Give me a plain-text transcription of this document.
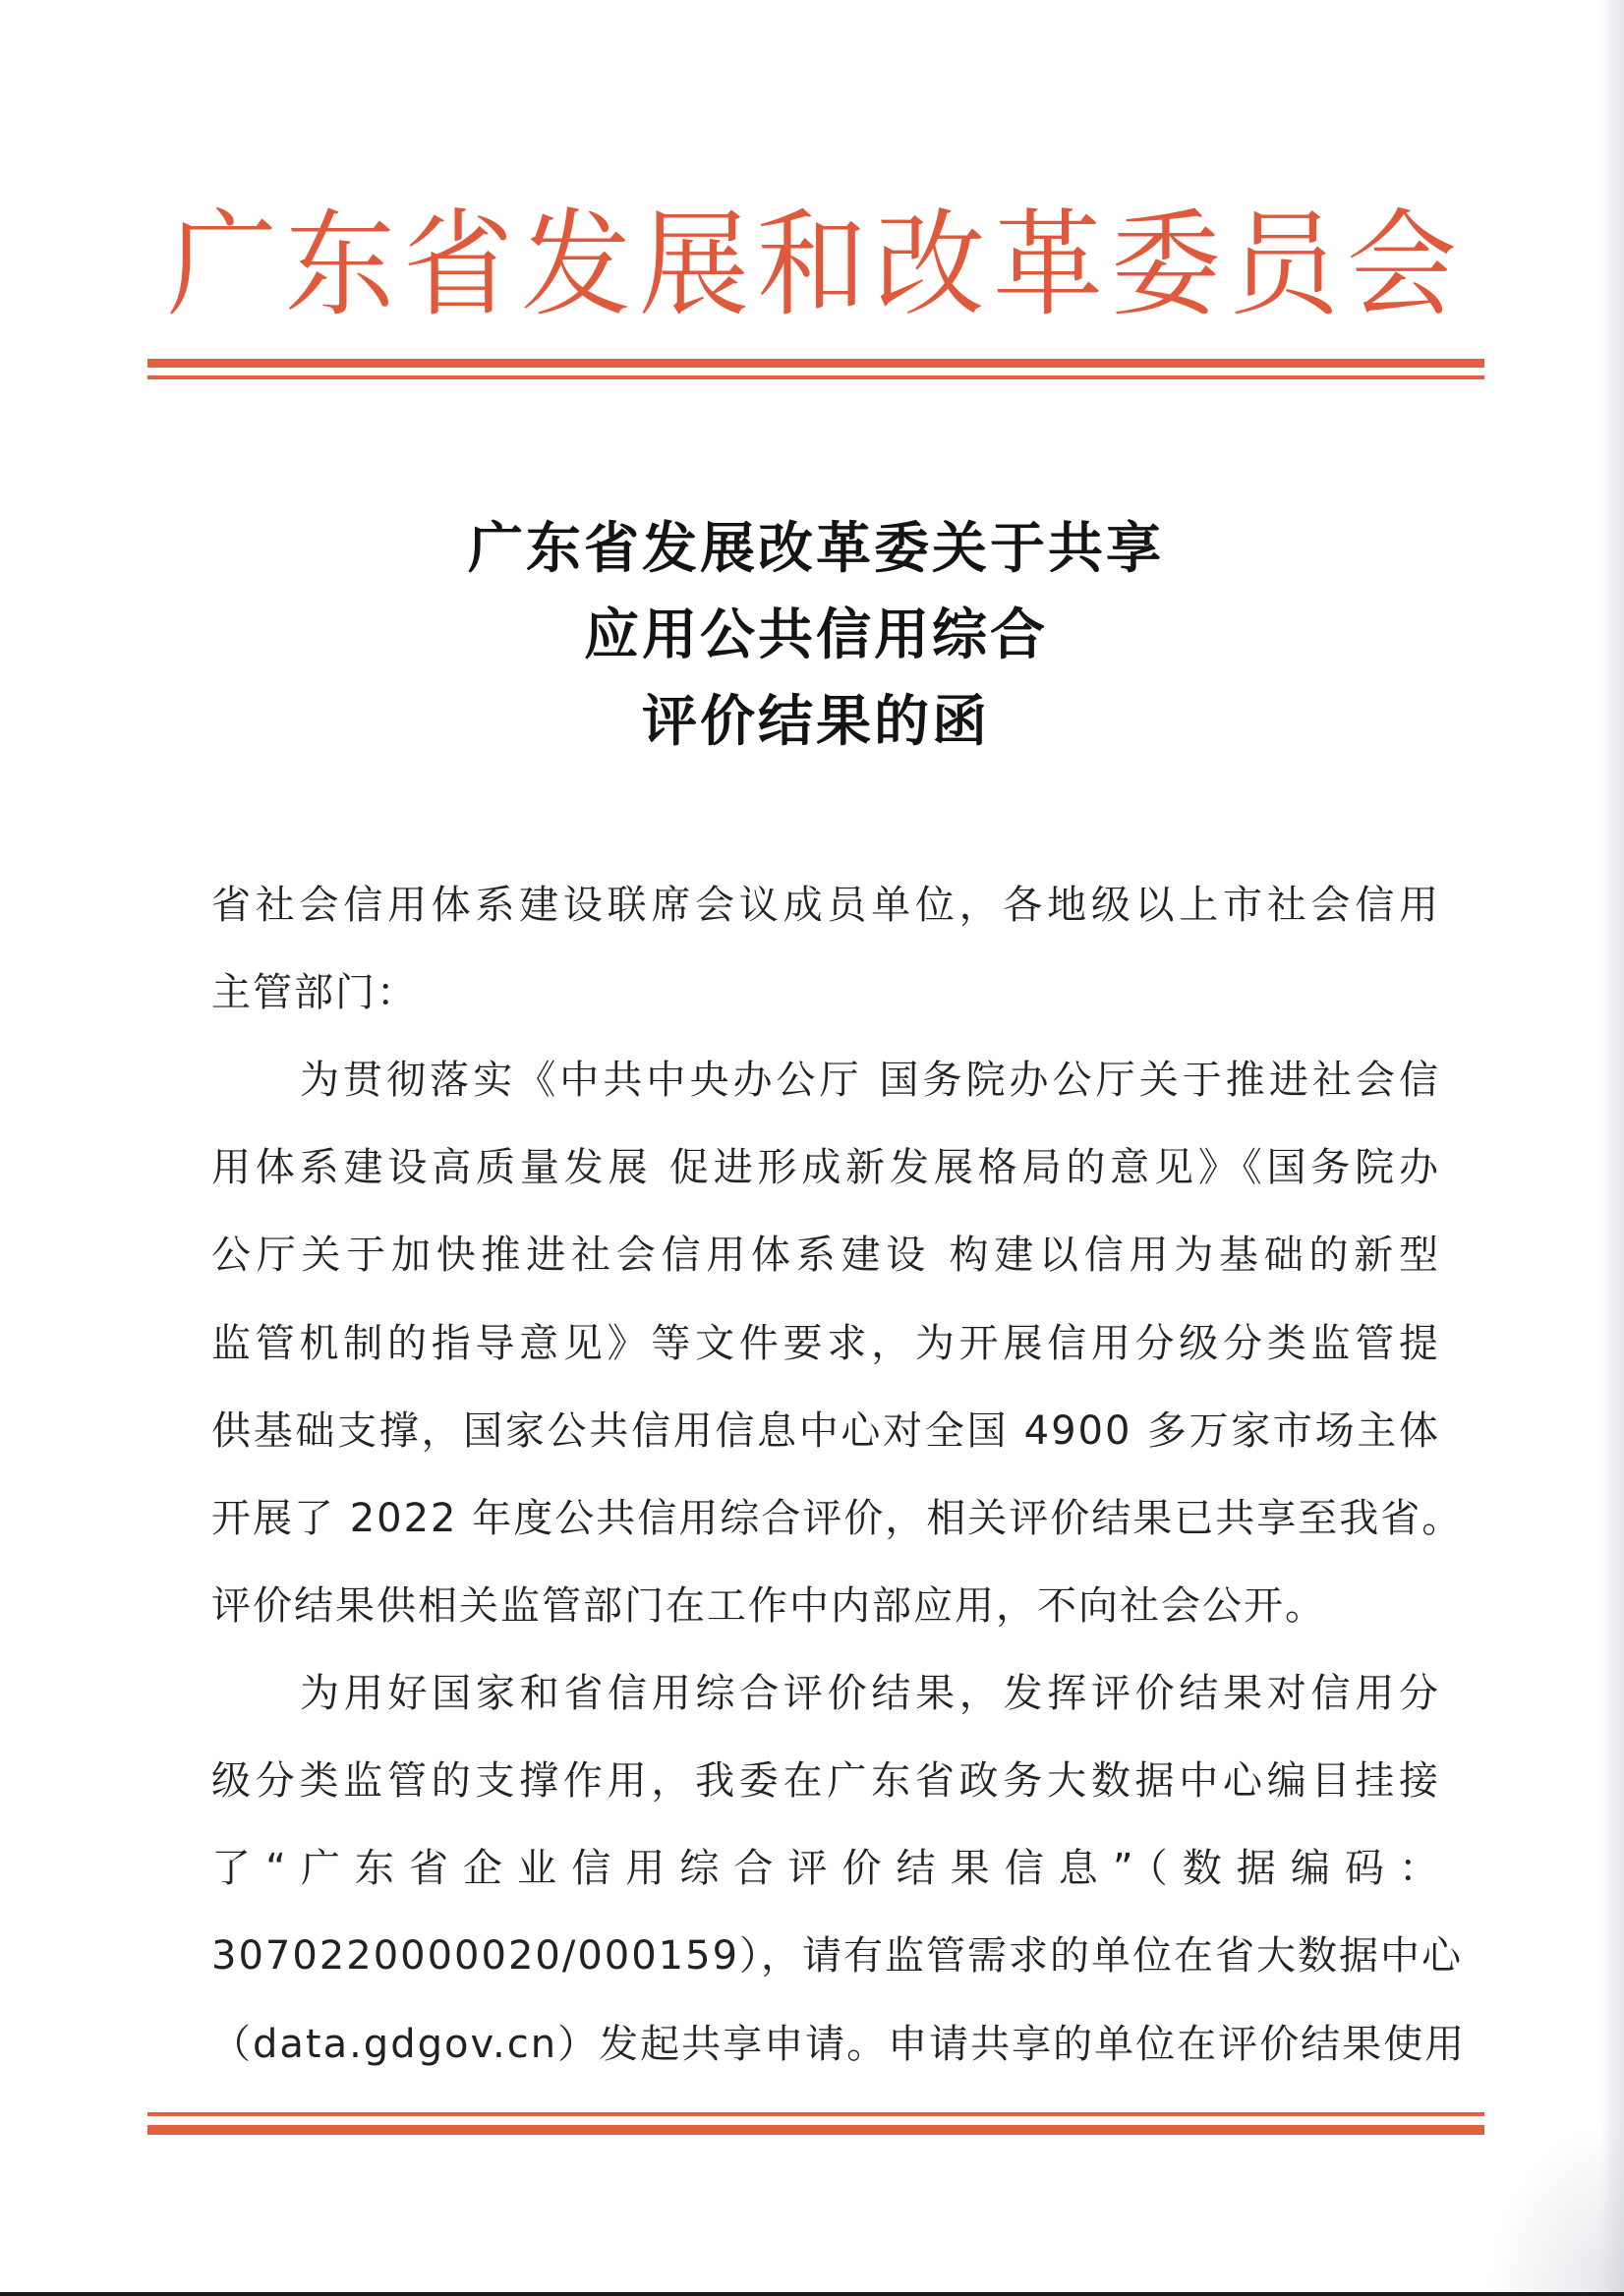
广东省发展和改革委员会
广东省发展改革委关于共享
应用公共信用综合
评价结果的函
省社会信用体系建设联席会议成员单位，各地级以上市社会信用
主管部门：
为贯彻落实《中共中央办公厅 国务院办公厅关于推进社会信
用体系建设高质量发展 促进形成新发展格局的意见》《国务院办
公厅关于加快推进社会信用体系建设 构建以信用为基础的新型
监管机制的指导意见》等文件要求，为开展信用分级分类监管提
供基础支撑，国家公共信用信息中心对全国 4900 多万家市场主体
开展了 2022 年度公共信用综合评价，相关评价结果已共享至我省。
评价结果供相关监管部门在工作中内部应用，不向社会公开。
为用好国家和省信用综合评价结果，发挥评价结果对信用分
级分类监管的支撑作用，我委在广东省政务大数据中心编目挂接
了“广东省企业信用综合评价结果信息”（数据编码：
3070220000020/000159），请有监管需求的单位在省大数据中心
（data.gdgov.cn）发起共享申请。申请共享的单位在评价结果使用
